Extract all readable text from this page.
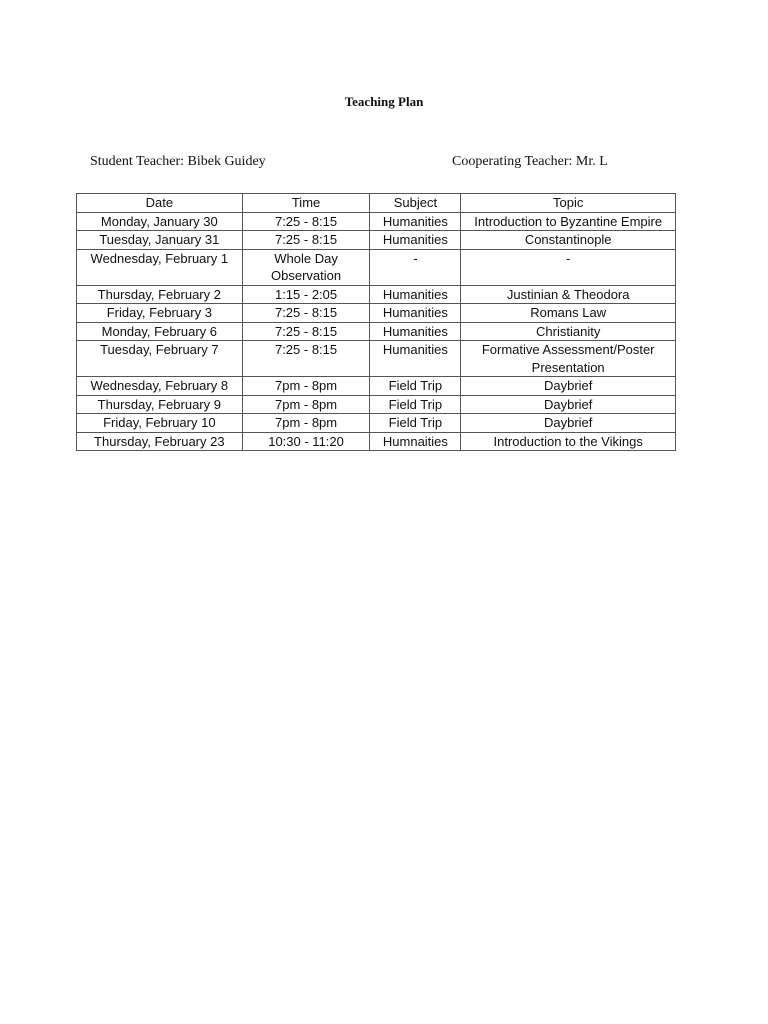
Teaching Plan
Student Teacher: Bibek Guidey	Cooperating Teacher: Mr. L
Date	Time	Subject	Topic
Monday, January 30	7:25 - 8:15	Humanities	Introduction to Byzantine Empire
Tuesday, January 31	7:25 - 8:15	Humanities	Constantinople
Wednesday, February 1	Whole Day Observation	-	-
Thursday, February 2	1:15 - 2:05	Humanities	Justinian & Theodora
Friday, February 3	7:25 - 8:15	Humanities	Romans Law
Monday, February 6	7:25 - 8:15	Humanities	Christianity
Tuesday, February 7	7:25 - 8:15	Humanities	Formative Assessment/Poster Presentation
Wednesday, February 8	7pm - 8pm	Field Trip	Daybrief
Thursday, February 9	7pm - 8pm	Field Trip	Daybrief
Friday, February 10	7pm - 8pm	Field Trip	Daybrief
Thursday, February 23	10:30 - 11:20	Humnaities	Introduction to the Vikings
